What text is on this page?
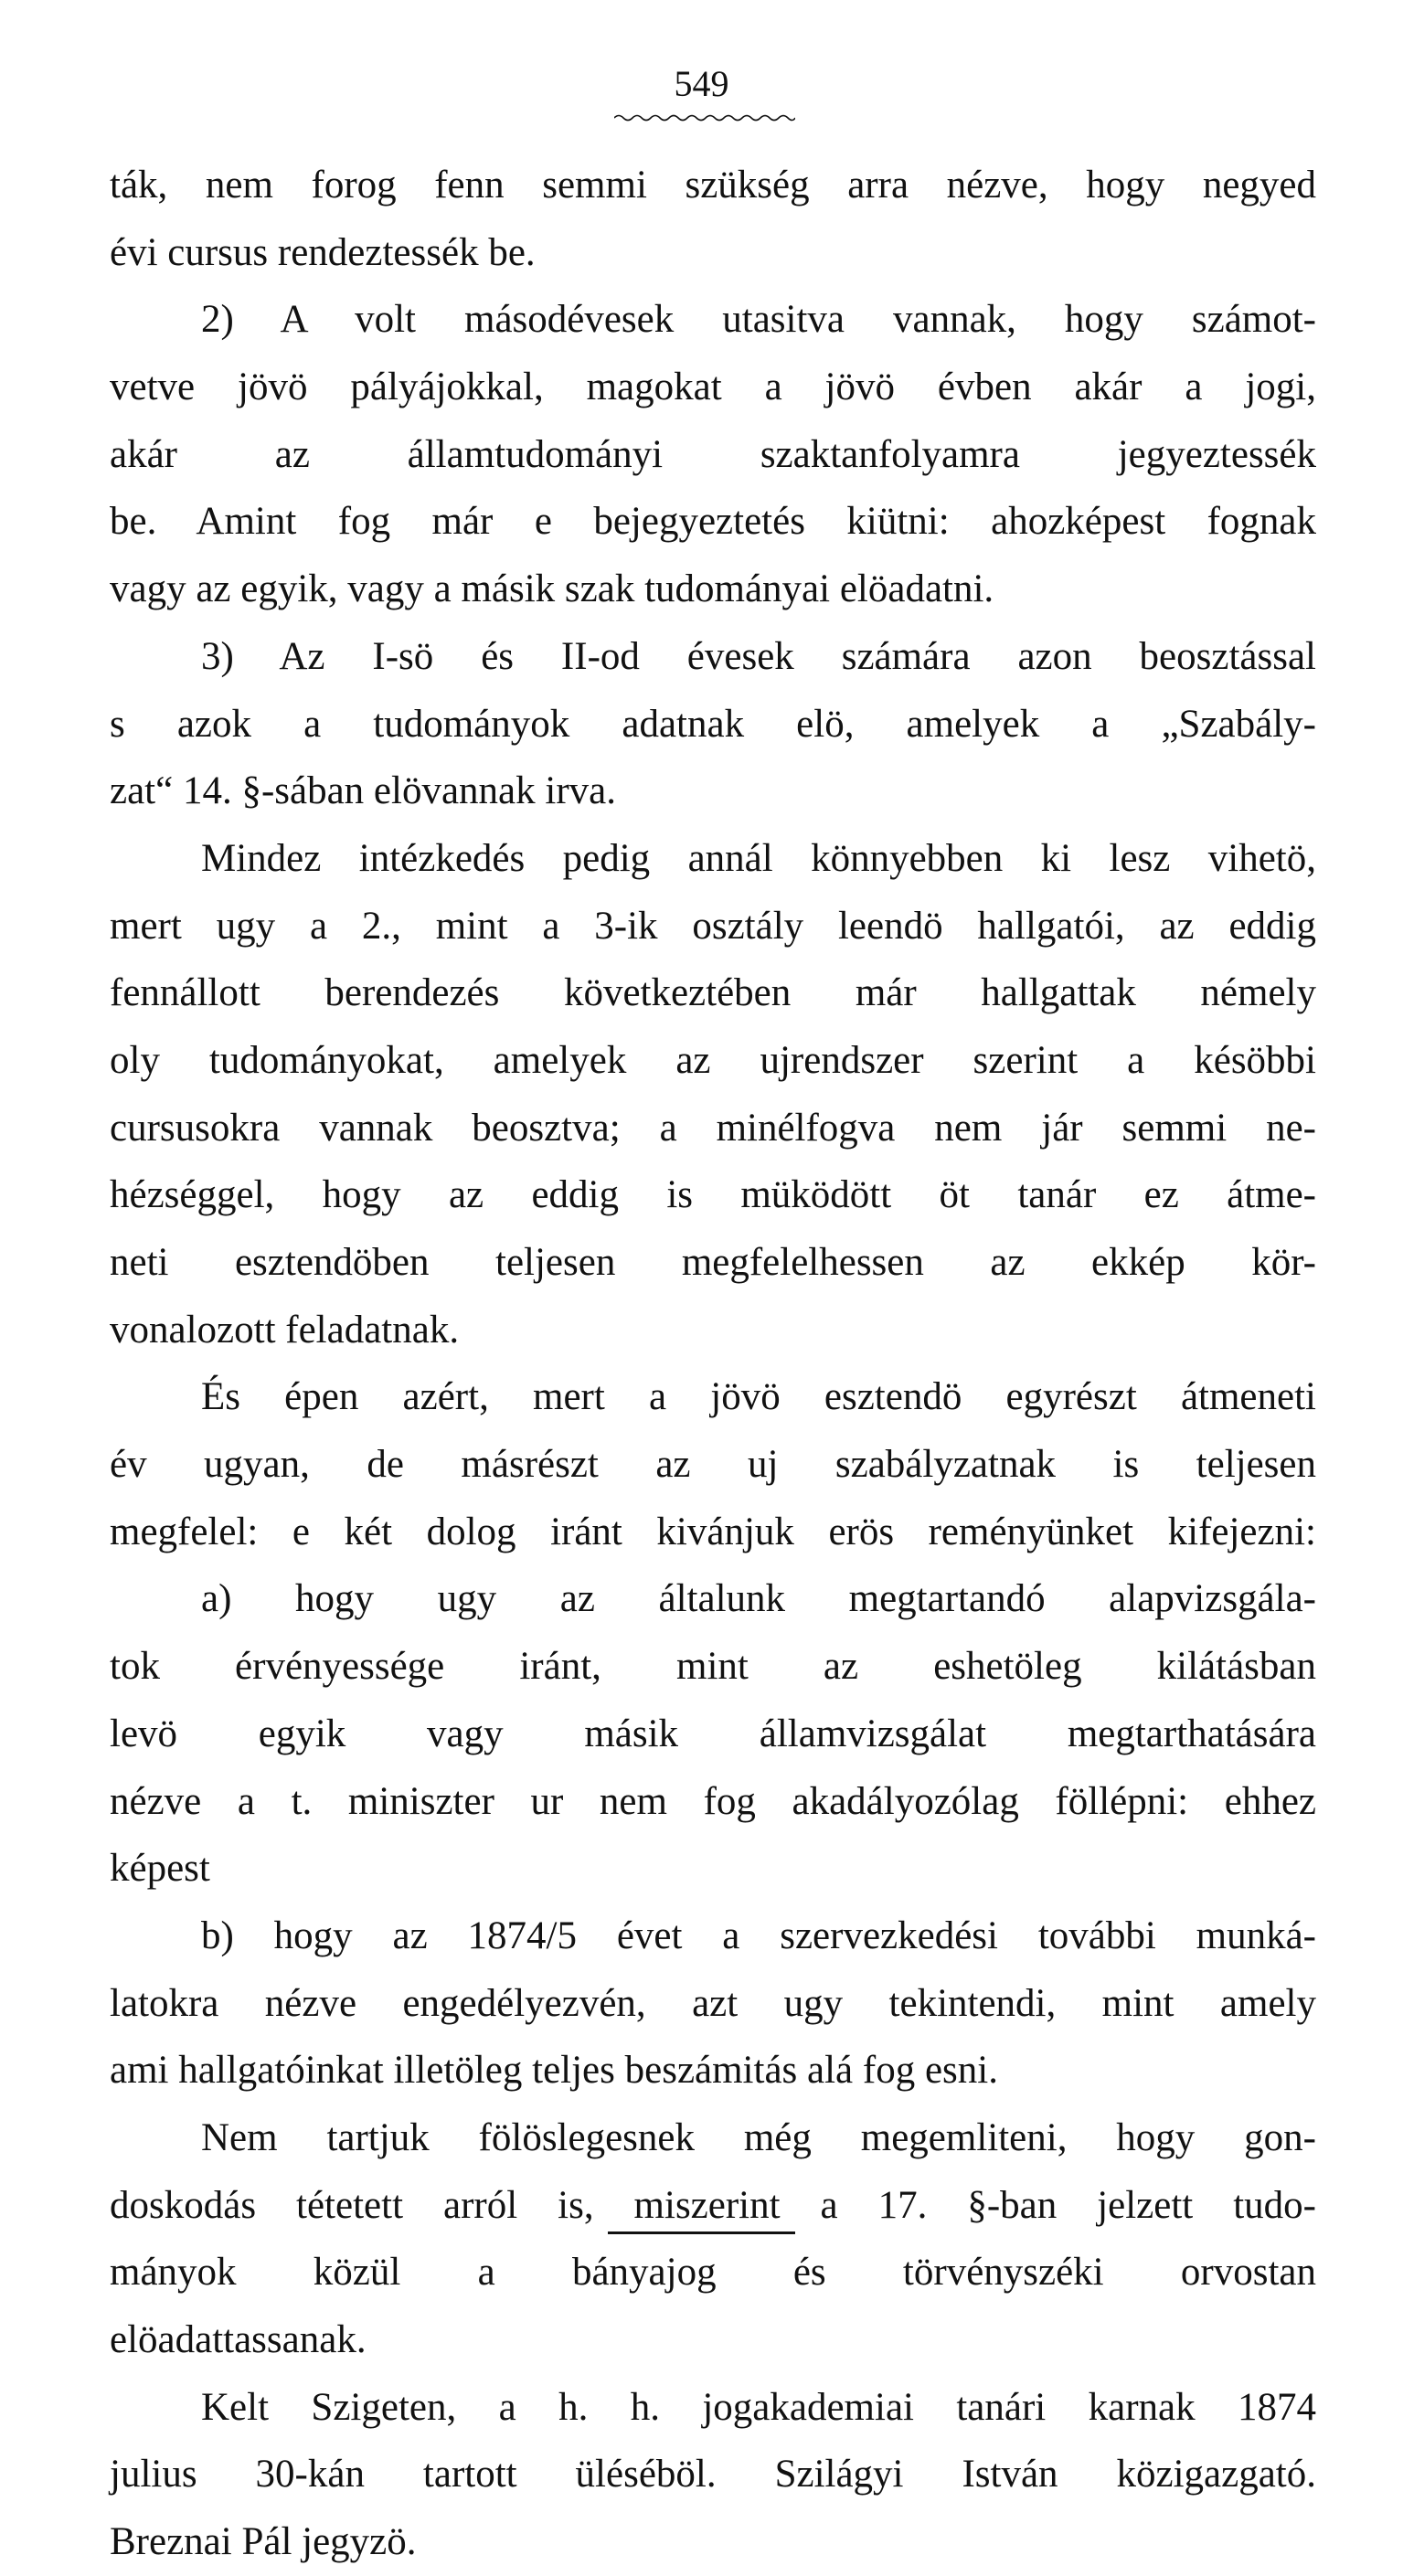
549
ták, nem forog fenn semmi szükség arra nézve, hogy negyed
évi cursus rendeztessék be.
2) A volt másodévesek utasitva vannak, hogy számot-
vetve jövö pályájokkal, magokat a jövö évben akár a jogi,
akár az államtudományi szaktanfolyamra jegyeztessék
be. Amint fog már e bejegyeztetés kiütni: ahozképest fognak
vagy az egyik, vagy a másik szak tudományai elöadatni.
3) Az I-sö és II-od évesek számára azon beosztással
s azok a tudományok adatnak elö, amelyek a „Szabály-
zat“ 14. §-sában elövannak irva.
Mindez intézkedés pedig annál könnyebben ki lesz vihetö,
mert ugy a 2., mint a 3-ik osztály leendö hallgatói, az eddig
fennállott berendezés következtében már hallgattak némely
oly tudományokat, amelyek az ujrendszer szerint a késöbbi
cursusokra vannak beosztva; a minélfogva nem jár semmi ne-
hézséggel, hogy az eddig is müködött öt tanár ez átme-
neti esztendöben teljesen megfelelhessen az ekkép kör-
vonalozott feladatnak.
És épen azért, mert a jövö esztendö egyrészt átmeneti
év ugyan, de másrészt az uj szabályzatnak is teljesen
megfelel: e két dolog iránt kivánjuk erös reményünket kifejezni:
a) hogy ugy az általunk megtartandó alapvizsgála-
tok érvényessége iránt, mint az eshetöleg kilátásban
levö egyik vagy másik államvizsgálat megtarthatására
nézve a t. miniszter ur nem fog akadályozólag föllépni: ehhez
képest
b) hogy az 1874/5 évet a szervezkedési további munká-
latokra nézve engedélyezvén, azt ugy tekintendi, mint amely
ami hallgatóinkat illetöleg teljes beszámitás alá fog esni.
Nem tartjuk fölöslegesnek még megemliteni, hogy gon-
doskodás tétetett arról is, miszerint a 17. §-ban jelzett tudo-
mányok közül a bányajog és törvényszéki orvostan
elöadattassanak.
Kelt Szigeten, a h. h. jogakademiai tanári karnak 1874
julius 30-kán tartott üléséböl. Szilágyi István közigazgató.
Breznai Pál jegyzö.
